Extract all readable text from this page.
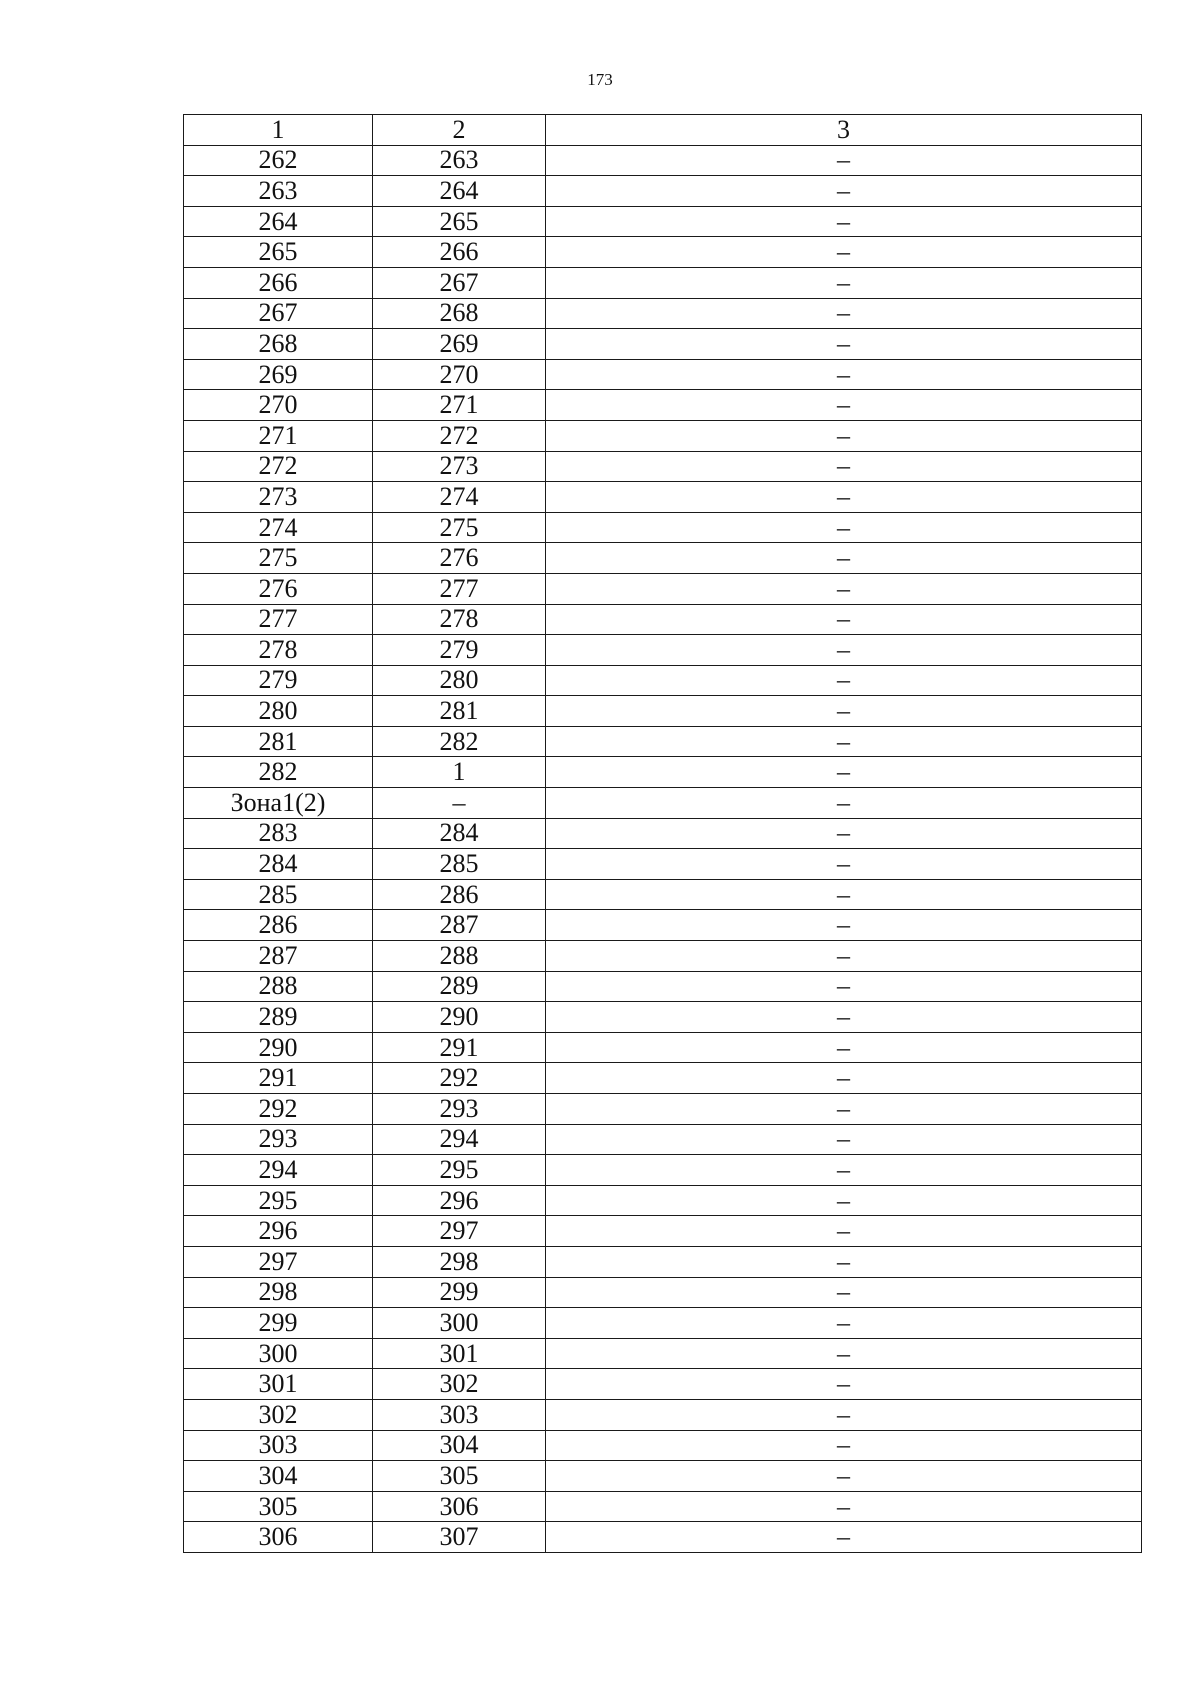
173
1	2	3
262	263	–
263	264	–
264	265	–
265	266	–
266	267	–
267	268	–
268	269	–
269	270	–
270	271	–
271	272	–
272	273	–
273	274	–
274	275	–
275	276	–
276	277	–
277	278	–
278	279	–
279	280	–
280	281	–
281	282	–
282	1	–
Зона1(2)	–	–
283	284	–
284	285	–
285	286	–
286	287	–
287	288	–
288	289	–
289	290	–
290	291	–
291	292	–
292	293	–
293	294	–
294	295	–
295	296	–
296	297	–
297	298	–
298	299	–
299	300	–
300	301	–
301	302	–
302	303	–
303	304	–
304	305	–
305	306	–
306	307	–
